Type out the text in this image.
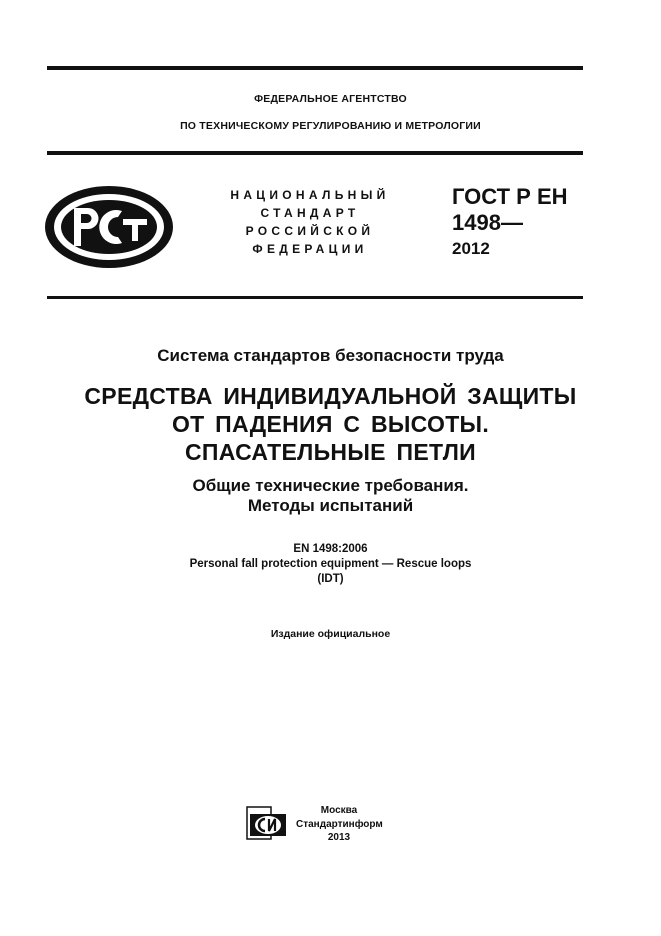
ФЕДЕРАЛЬНОЕ АГЕНТСТВО
ПО ТЕХНИЧЕСКОМУ РЕГУЛИРОВАНИЮ И МЕТРОЛОГИИ
НАЦИОНАЛЬНЫЙ
СТАНДАРТ
РОССИЙСКОЙ
ФЕДЕРАЦИИ
ГОСТ Р ЕН
1498—
2012
Система стандартов безопасности труда
СРЕДСТВА ИНДИВИДУАЛЬНОЙ ЗАЩИТЫ
ОТ ПАДЕНИЯ С ВЫСОТЫ.
СПАСАТЕЛЬНЫЕ ПЕТЛИ
Общие технические требования.
Методы испытаний
EN 1498:2006
Personal fall protection equipment — Rescue loops
(IDT)
Издание официальное
Москва
Стандартинформ
2013
